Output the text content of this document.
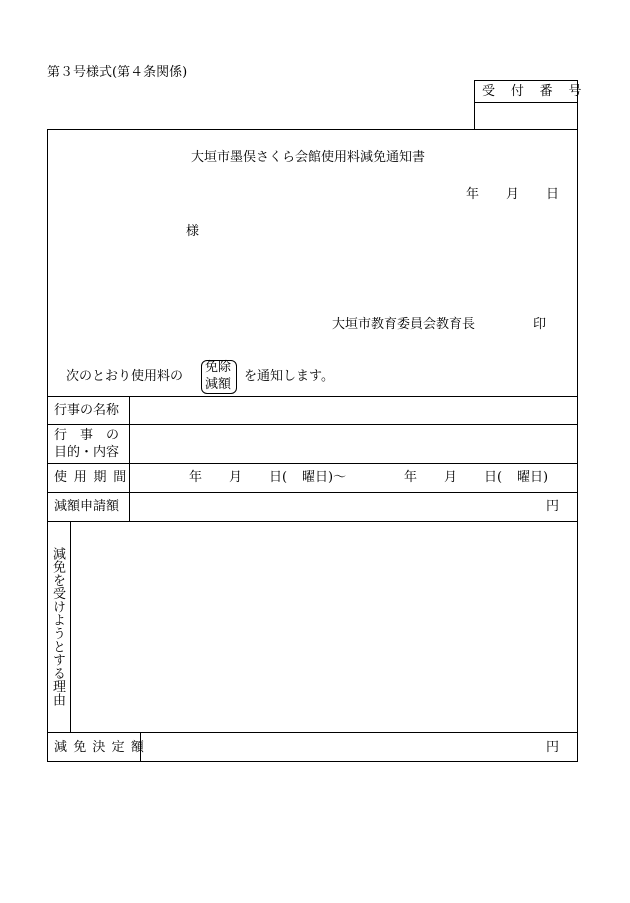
第３号様式(第４条関係)
受 付 番 号
大垣市墨俣さくら会館使用料減免通知書
年 月 日
様
大垣市教育委員会教育長	印
次のとおり使用料の
免除
減額
を通知します。
行事の名称
行　事　の
目的・内容
使 用 期 間	年 月 日( 曜日)〜	年 月 日( 曜日)
減額申請額	円
減免を受けようとする理由
減 免 決 定 額	円
